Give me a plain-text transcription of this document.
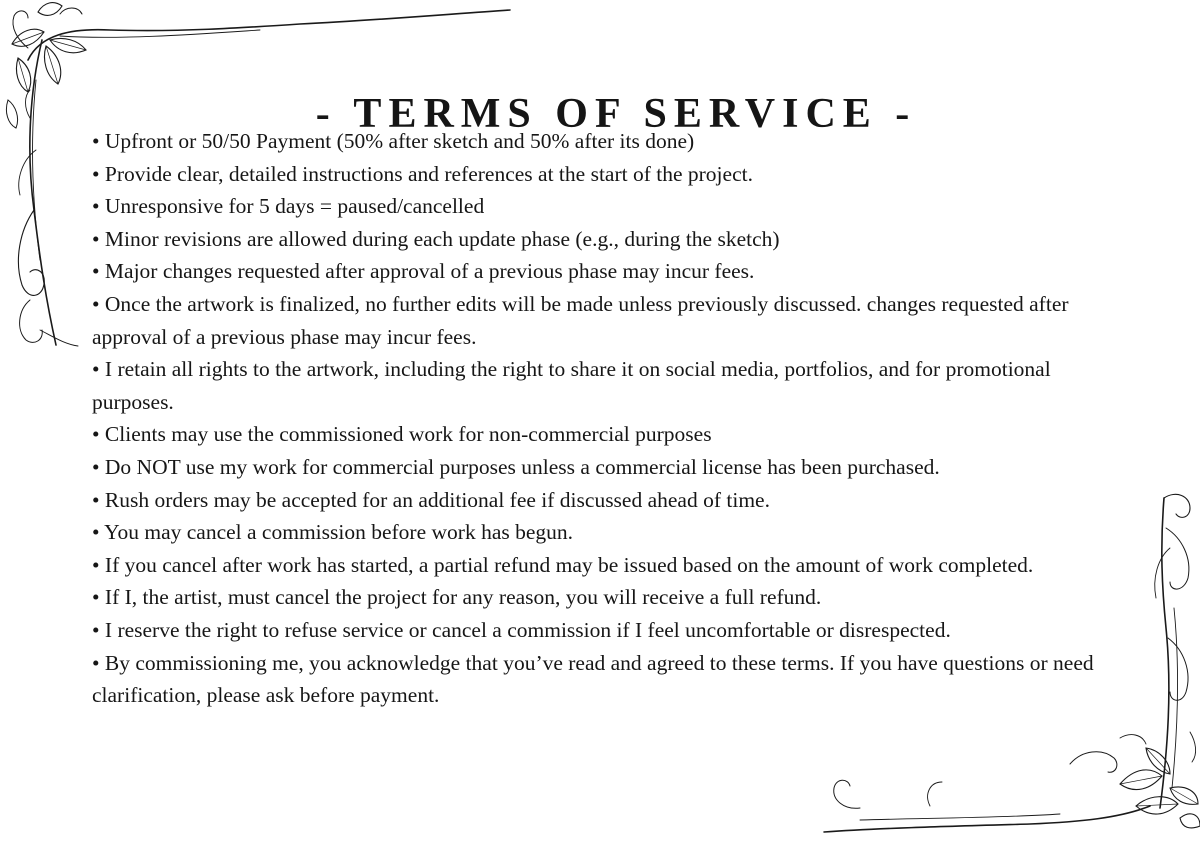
- TERMS OF SERVICE -
• Upfront or 50/50 Payment (50% after sketch and 50% after its done)
• Provide clear, detailed instructions and references at the start of the project.
• Unresponsive for 5 days = paused/cancelled
• Minor revisions are allowed during each update phase (e.g., during the sketch)
• Major changes requested after approval of a previous phase may incur fees.
• Once the artwork is finalized, no further edits will be made unless previously discussed. changes requested after approval of a previous phase may incur fees.
• I retain all rights to the artwork, including the right to share it on social media, portfolios, and for promotional purposes.
• Clients may use the commissioned work for non-commercial purposes
• Do NOT use my work for commercial purposes unless a commercial license has been purchased.
• Rush orders may be accepted for an additional fee if discussed ahead of time.
• You may cancel a commission before work has begun.
• If you cancel after work has started, a partial refund may be issued based on the amount of work completed.
• If I, the artist, must cancel the project for any reason, you will receive a full refund.
• I reserve the right to refuse service or cancel a commission if I feel uncomfortable or disrespected.
• By commissioning me, you acknowledge that you’ve read and agreed to these terms. If you have questions or need clarification, please ask before payment.
